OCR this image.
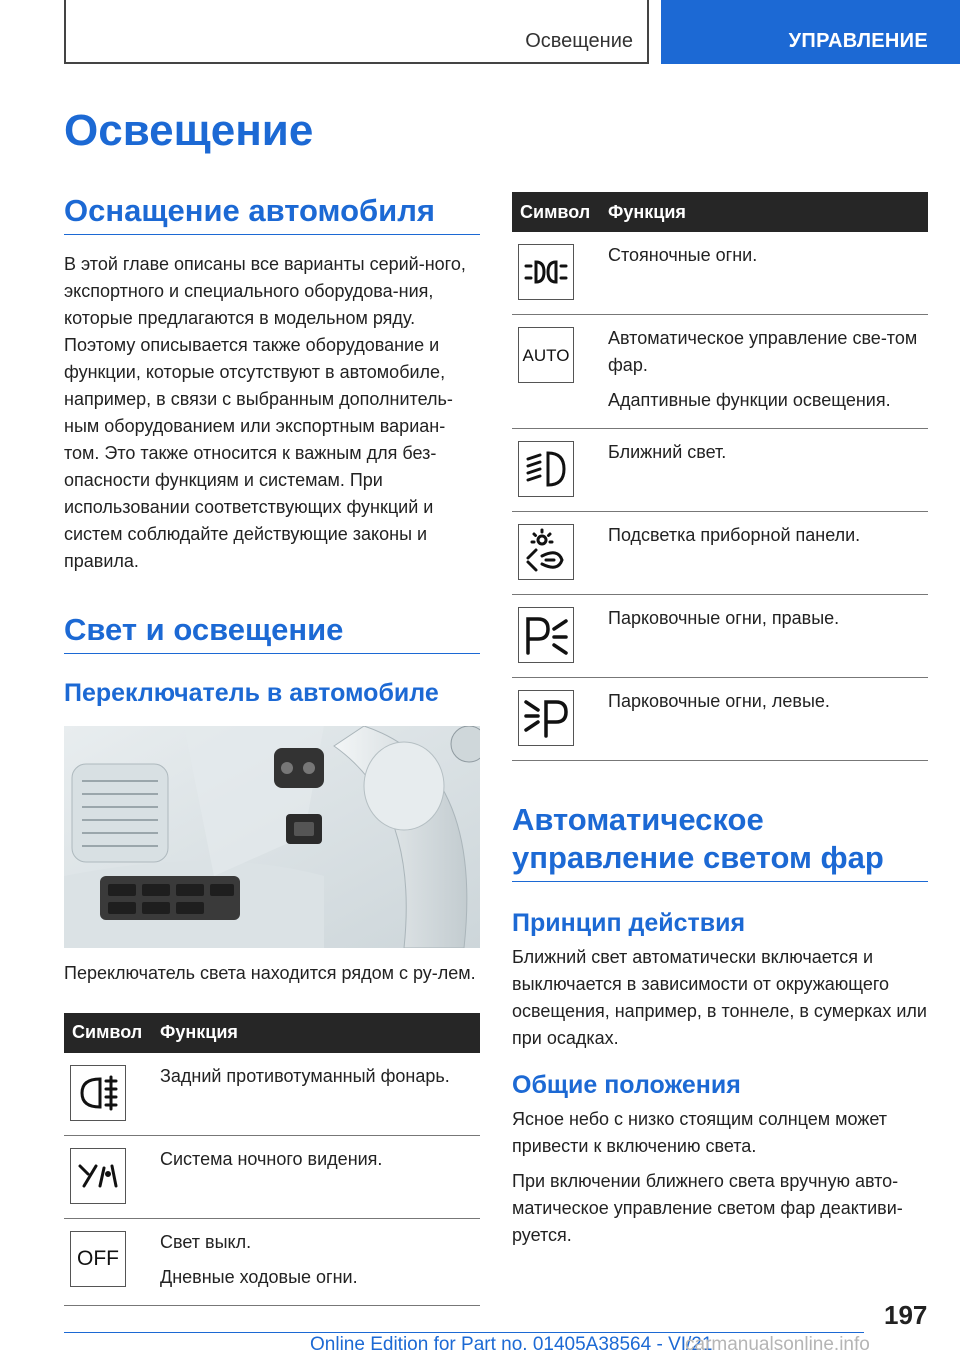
Освещение	УПРАВЛЕНИЕ
Освещение
Оснащение автомобиля
В этой главе описаны все варианты серий-ного, экспортного и специального оборудова-ния, которые предлагаются в модельном ряду. Поэтому описывается также оборудование и функции, которые отсутствуют в автомобиле, например, в связи с выбранным дополнитель-ным оборудованием или экспортным вариан-том. Это также относится к важным для без-опасности функциям и системам. При использовании соответствующих функций и систем соблюдайте действующие законы и правила.
Свет и освещение
Переключатель в автомобиле
Переключатель света находится рядом с ру-лем.
Символ	Функция

Задний противотуманный фонарь.

Система ночного видения.

OFF	Свет выкл.
Дневные ходовые огни.
Символ	Функция

Стояночные огни.

AUTO	Автоматическое управление све-том фар.
Адаптивные функции освещения.

Ближний свет.

Подсветка приборной панели.

Парковочные огни, правые.

Парковочные огни, левые.
Автоматическое управление светом фар
Принцип действия
Ближний свет автоматически включается и выключается в зависимости от окружающего освещения, например, в тоннеле, в сумерках или при осадках.
Общие положения
Ясное небо с низко стоящим солнцем может привести к включению света.
При включении ближнего света вручную авто-матическое управление светом фар деактиви-руется.
197
Online Edition for Part no. 01405A38564 - VI/21
carmanualsonline.info
